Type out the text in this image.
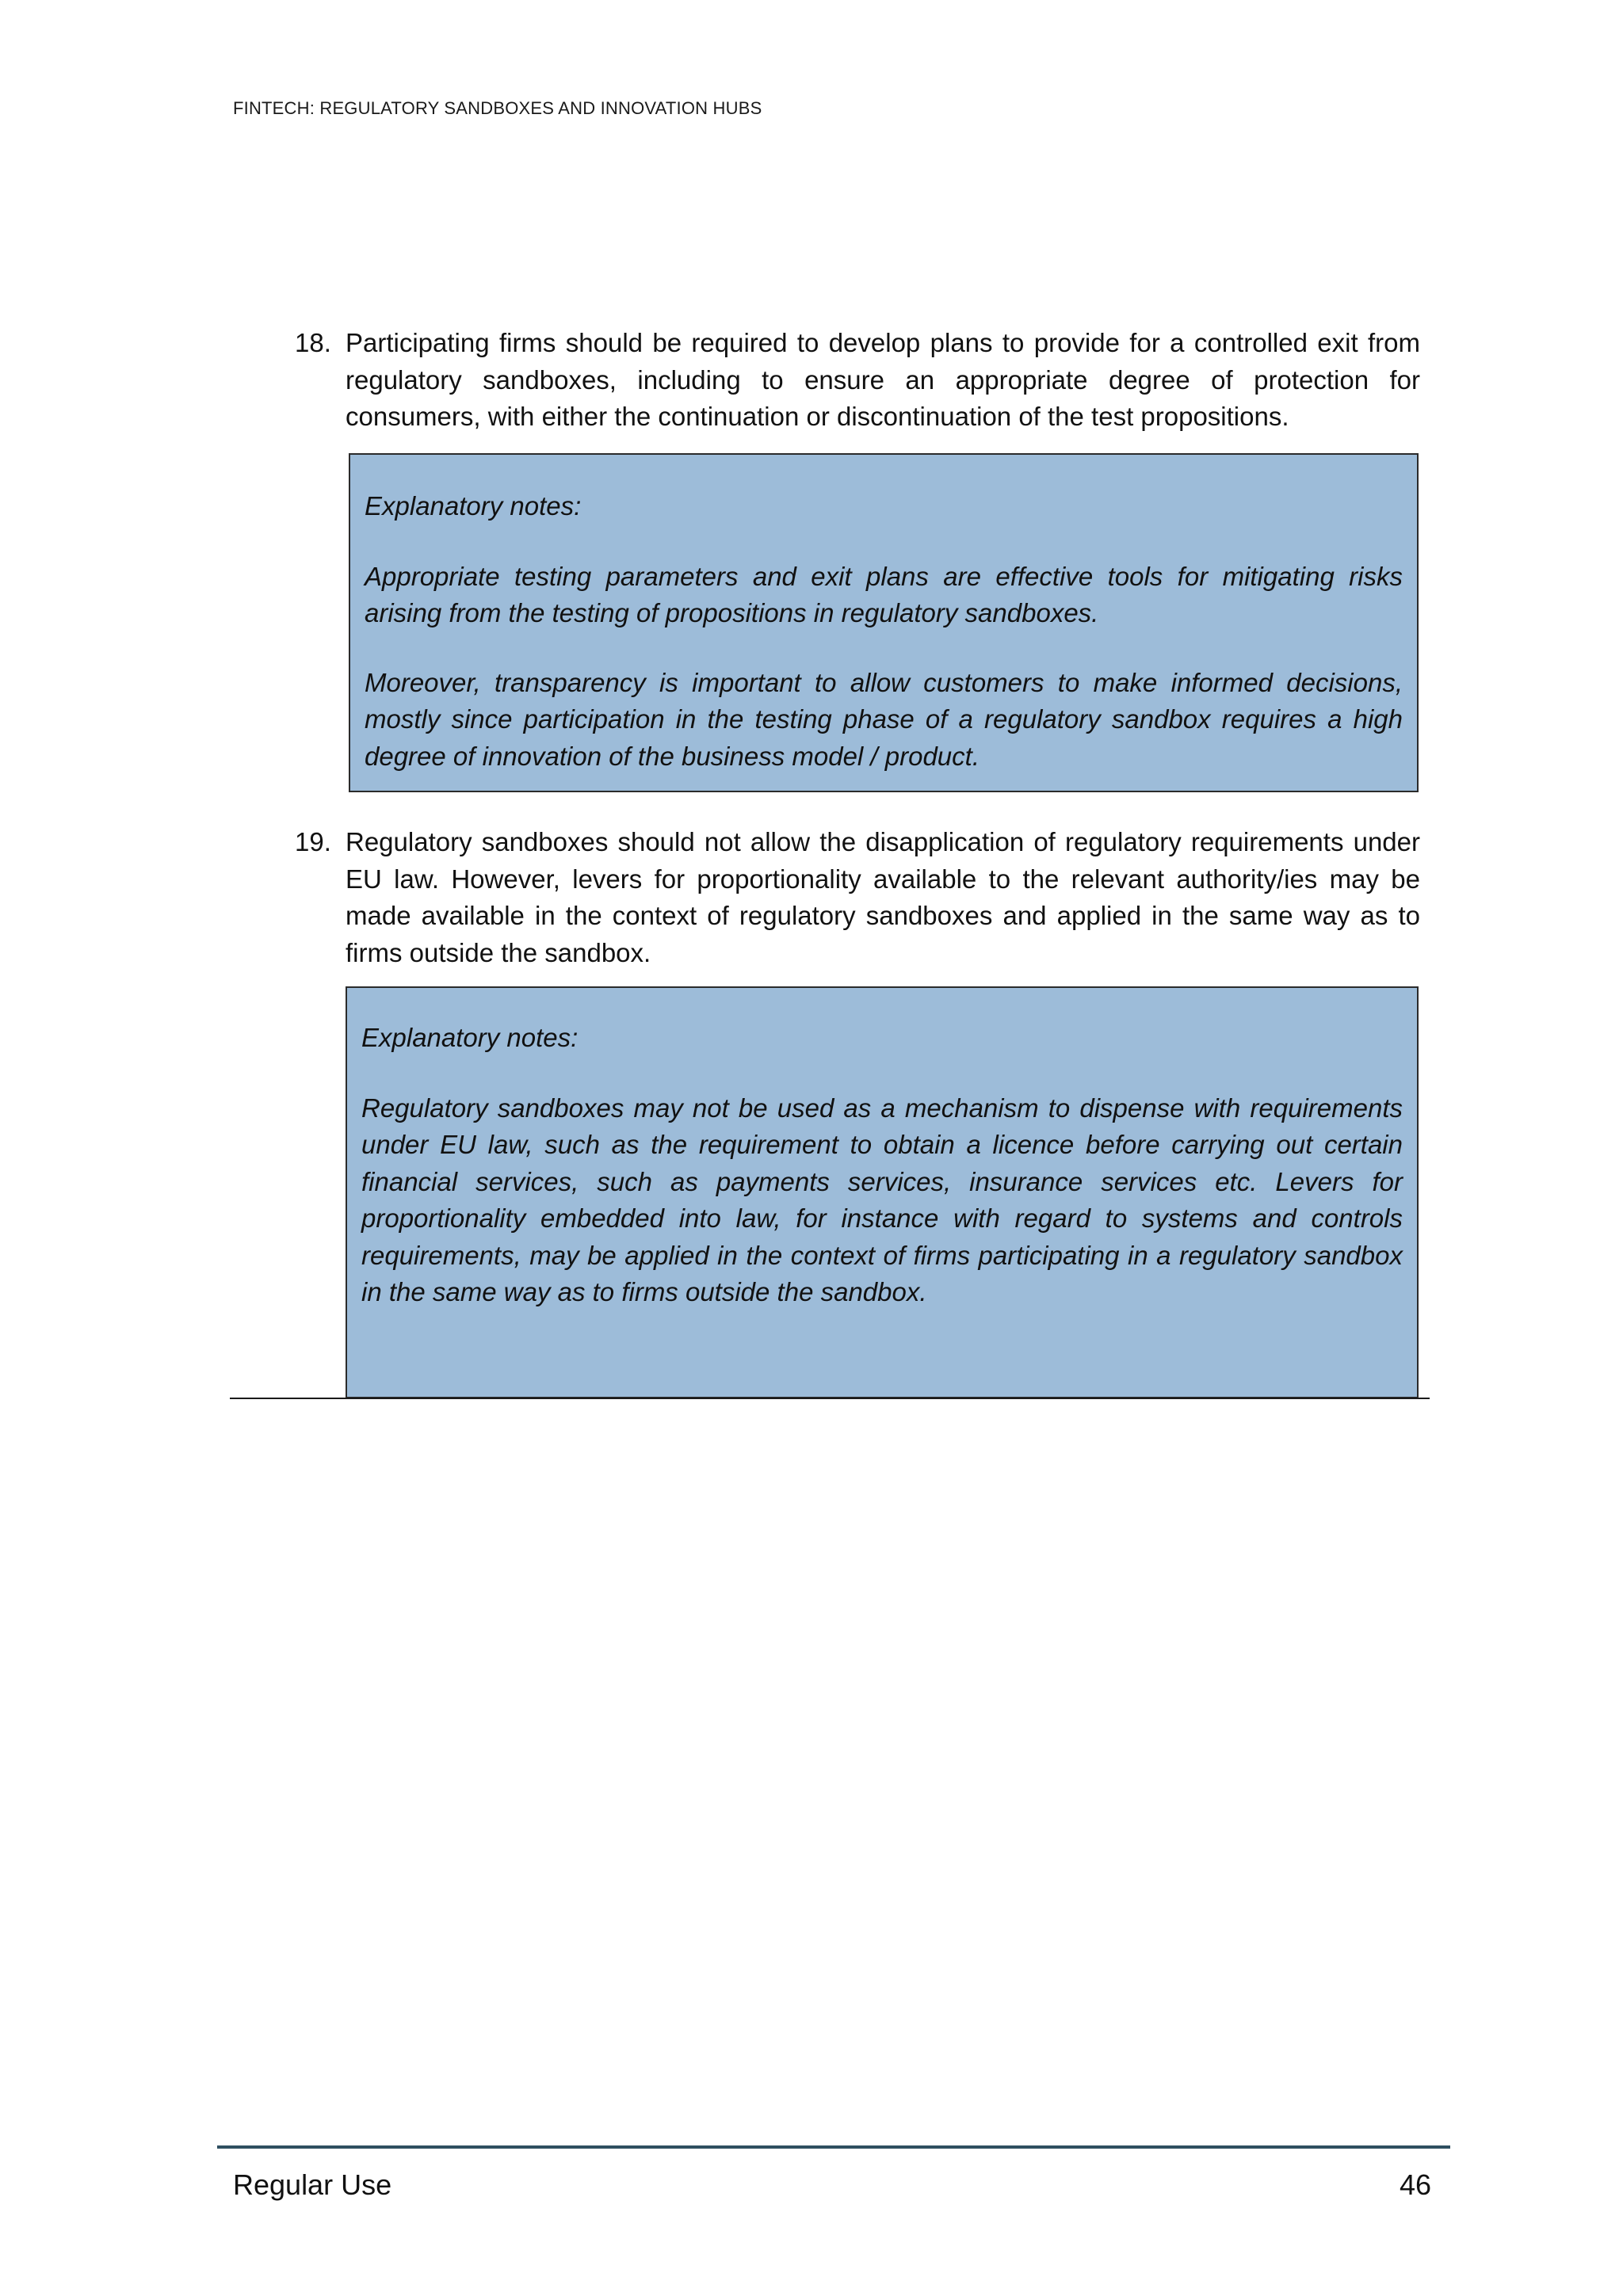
FINTECH: REGULATORY SANDBOXES AND INNOVATION HUBS
18. Participating firms should be required to develop plans to provide for a controlled exit from regulatory sandboxes, including to ensure an appropriate degree of protection for consumers, with either the continuation or discontinuation of the test propositions.

Explanatory notes:

Appropriate testing parameters and exit plans are effective tools for mitigating risks arising from the testing of propositions in regulatory sandboxes.

Moreover, transparency is important to allow customers to make informed decisions, mostly since participation in the testing phase of a regulatory sandbox requires a high degree of innovation of the business model / product.

19. Regulatory sandboxes should not allow the disapplication of regulatory requirements under EU law. However, levers for proportionality available to the relevant authority/ies may be made available in the context of regulatory sandboxes and applied in the same way as to firms outside the sandbox.

Explanatory notes:

Regulatory sandboxes may not be used as a mechanism to dispense with requirements under EU law, such as the requirement to obtain a licence before carrying out certain financial services, such as payments services, insurance services etc. Levers for proportionality embedded into law, for instance with regard to systems and controls requirements, may be applied in the context of firms participating in a regulatory sandbox in the same way as to firms outside the sandbox.

Regular Use	46
